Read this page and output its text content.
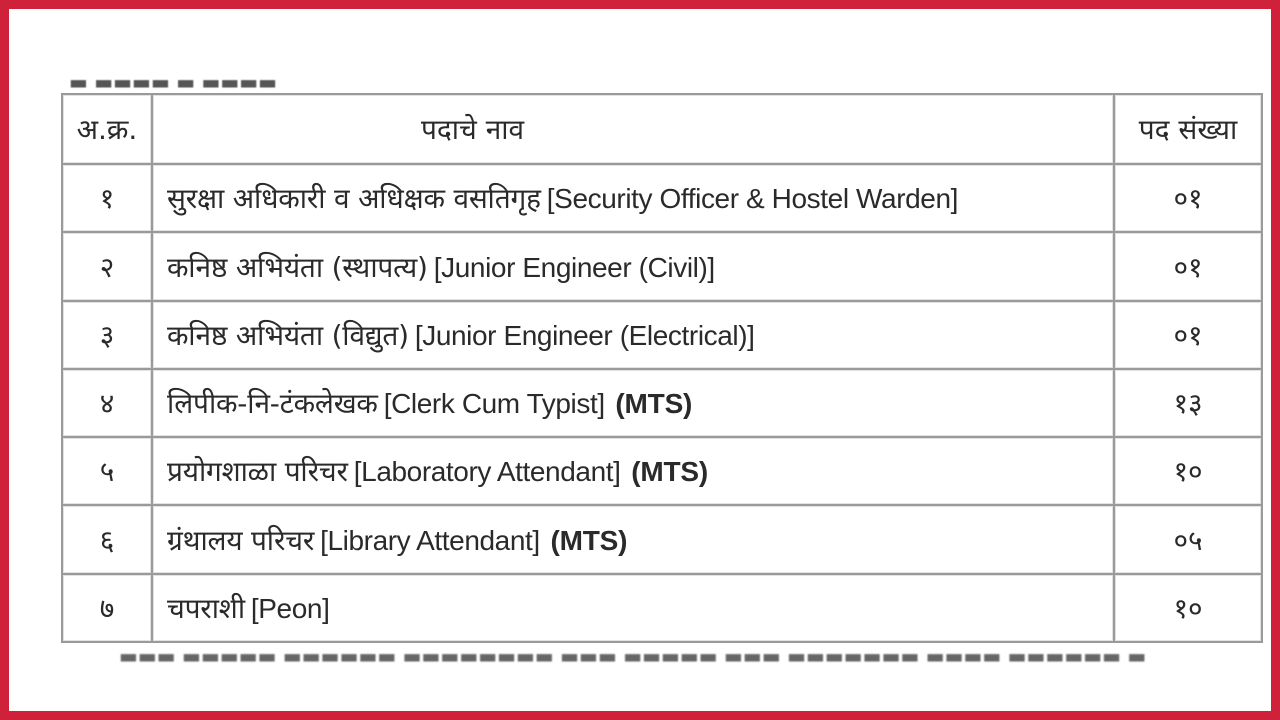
▬ ▬▬▬▬ ▬ ▬▬▬▬
▬▬▬ ▬▬▬▬▬ ▬▬▬▬▬▬ ▬▬▬▬▬▬▬▬ ▬▬▬ ▬▬▬▬▬ ▬▬▬ ▬▬▬▬▬▬▬ ▬▬▬▬ ▬▬▬▬▬▬ ▬
अ.क्र.	पदाचे नाव	पद संख्या
१	सुरक्षा अधिकारी व अधिक्षक वसतिगृह [Security Officer & Hostel Warden]	०१
२	कनिष्ठ अभियंता (स्थापत्य) [Junior Engineer (Civil)]	०१
३	कनिष्ठ अभियंता (विद्युत) [Junior Engineer (Electrical)]	०१
४	लिपीक-नि-टंकलेखक [Clerk Cum Typist] (MTS)	१३
५	प्रयोगशाळा परिचर [Laboratory Attendant] (MTS)	१०
६	ग्रंथालय परिचर [Library Attendant] (MTS)	०५
७	चपराशी [Peon]	१०
